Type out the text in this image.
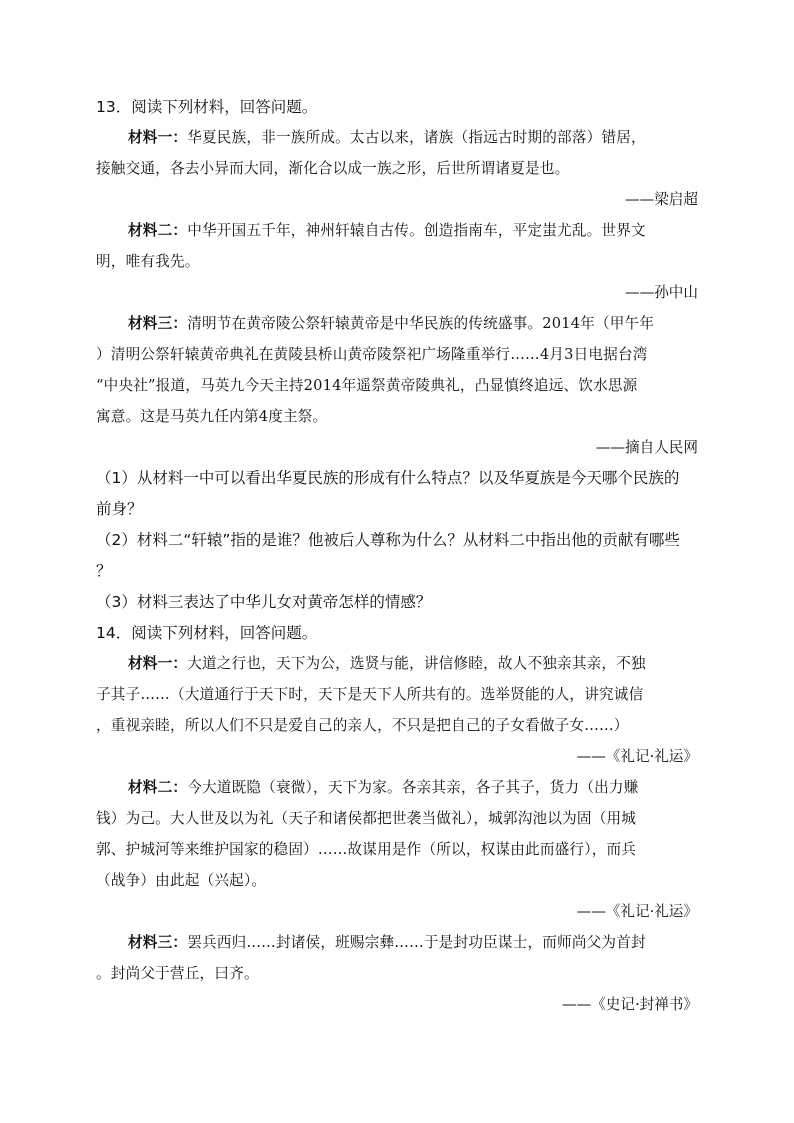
13．阅读下列材料，回答问题。
材料一：华夏民族，非一族所成。太古以来，诸族（指远古时期的部落）错居，
接触交通，各去小异而大同，渐化合以成一族之形，后世所谓诸夏是也。
——梁启超
材料二：中华开国五千年，神州轩辕自古传。创造指南车，平定蚩尤乱。世界文
明，唯有我先。
——孙中山
材料三：清明节在黄帝陵公祭轩辕黄帝是中华民族的传统盛事。2014年（甲午年
）清明公祭轩辕黄帝典礼在黄陵县桥山黄帝陵祭祀广场隆重举行……4月3日电据台湾
“中央社”报道，马英九今天主持2014年遥祭黄帝陵典礼，凸显慎终追远、饮水思源
寓意。这是马英九任内第4度主祭。
——摘自人民网
（1）从材料一中可以看出华夏民族的形成有什么特点？以及华夏族是今天哪个民族的
前身？
（2）材料二“轩辕”指的是谁？他被后人尊称为什么？从材料二中指出他的贡献有哪些
？
（3）材料三表达了中华儿女对黄帝怎样的情感？
14．阅读下列材料，回答问题。
材料一：大道之行也，天下为公，选贤与能，讲信修睦，故人不独亲其亲，不独
子其子……（大道通行于天下时，天下是天下人所共有的。选举贤能的人，讲究诚信
，重视亲睦，所以人们不只是爱自己的亲人，不只是把自己的子女看做子女……）
——《礼记·礼运》
材料二：今大道既隐（衰微），天下为家。各亲其亲，各子其子，货力（出力赚
钱）为己。大人世及以为礼（天子和诸侯都把世袭当做礼），城郭沟池以为固（用城
郭、护城河等来维护国家的稳固）……故谋用是作（所以，权谋由此而盛行），而兵
（战争）由此起（兴起）。
——《礼记·礼运》
材料三：罢兵西归……封诸侯，班赐宗彝……于是封功臣谋士，而师尚父为首封
。封尚父于营丘，曰齐。
——《史记·封禅书》
